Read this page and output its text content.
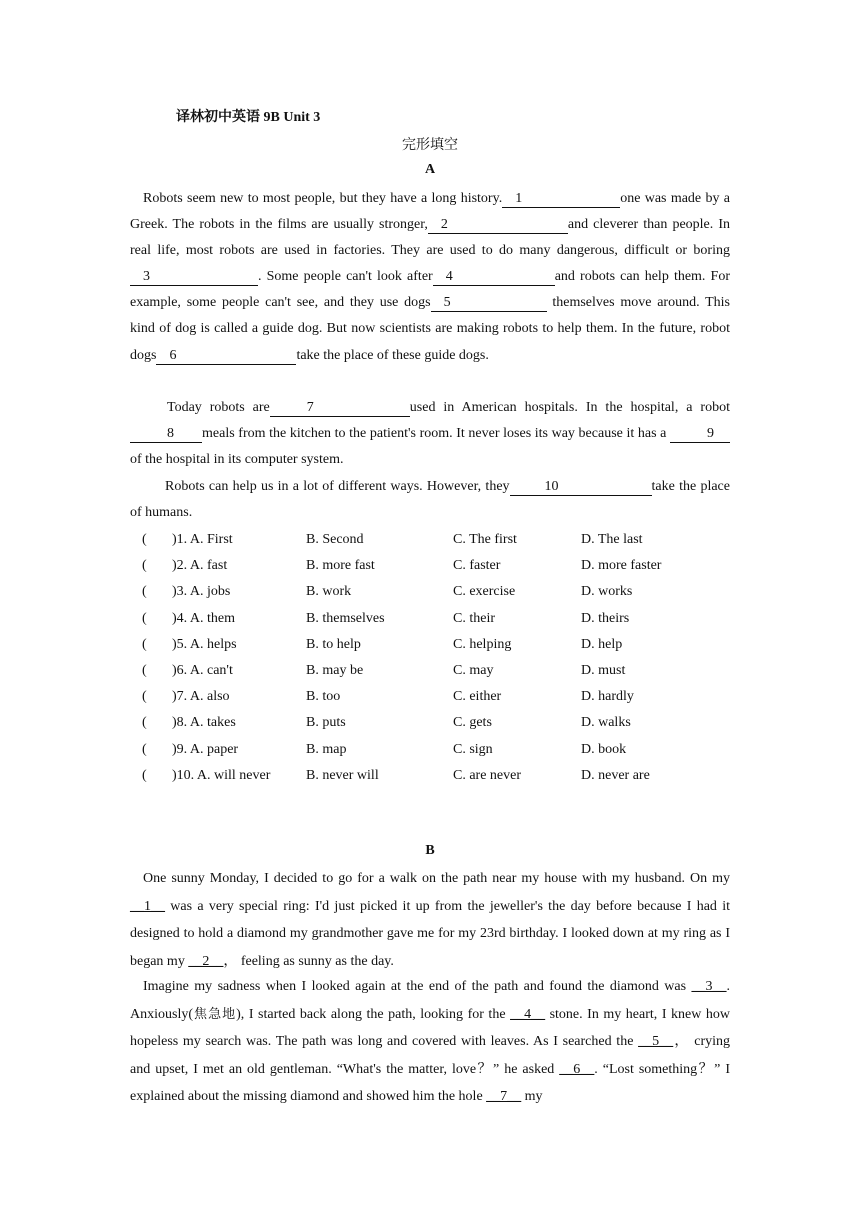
译林初中英语 9B Unit 3
完形填空
A

Robots seem new to most people, but they have a long history. 1	one was made by a Greek. The robots in the films are usually stronger, 2	and cleverer than people. In real life, most robots are used in factories. They are used to do many dangerous, difficult or boring3	. Some people can't look after 4	and robots can help them. For example, some people can't see, and they use dogs 5	themselves move around. This kind of dog is called a guide dog. But now scientists are making robots to help them. In the future, robot dogs 6	take the place of these guide dogs.

Today robots are	7	used in American hospitals. In the hospital, a robot 8 meals from the kitchen to the patient's room. It never loses its way because it has a	9of the hospital in its computer system.

Robots can help us in a lot of different ways. However, they	10	take the place of humans.

( )1. A. First	B. Second	C. The first	D. The last
( )2. A. fast	B. more fast	C. faster	D. more faster
( )3. A. jobs	B. work	C. exercise	D. works
( )4. A. them	B. themselves	C. their	D. theirs
( )5. A. helps	B. to help	C. helping	D. help
( )6. A. can't	B. may be	C. may	D. must
( )7. A. also	B. too	C. either	D. hardly
( )8. A. takes	B. puts	C. gets	D. walks
( )9. A. paper	B. map	C. sign	D. book
( )10. A. will never	B. never will	C. are never	D. never are
B

One sunny Monday, I decided to go for a walk on the path near my house with my husband. On my __1__ was a very special ring: I'd just picked it up from the jeweller's the day before because I had it designed to hold a diamond my grandmother gave me for my 23rd birthday. I looked down at my ring as I began my __2__， feeling as sunny as the day.

Imagine my sadness when I looked again at the end of the path and found the diamond was __3__. Anxiously(焦急地), I started back along the path, looking for the __4__ stone. In my heart, I knew how hopeless my search was. The path was long and covered with leaves. As I searched the __5__， crying and upset, I met an old gentleman. “What's the matter, love？” he asked __6__. “Lost something？” I explained about the missing diamond and showed him the hole __7__ my
